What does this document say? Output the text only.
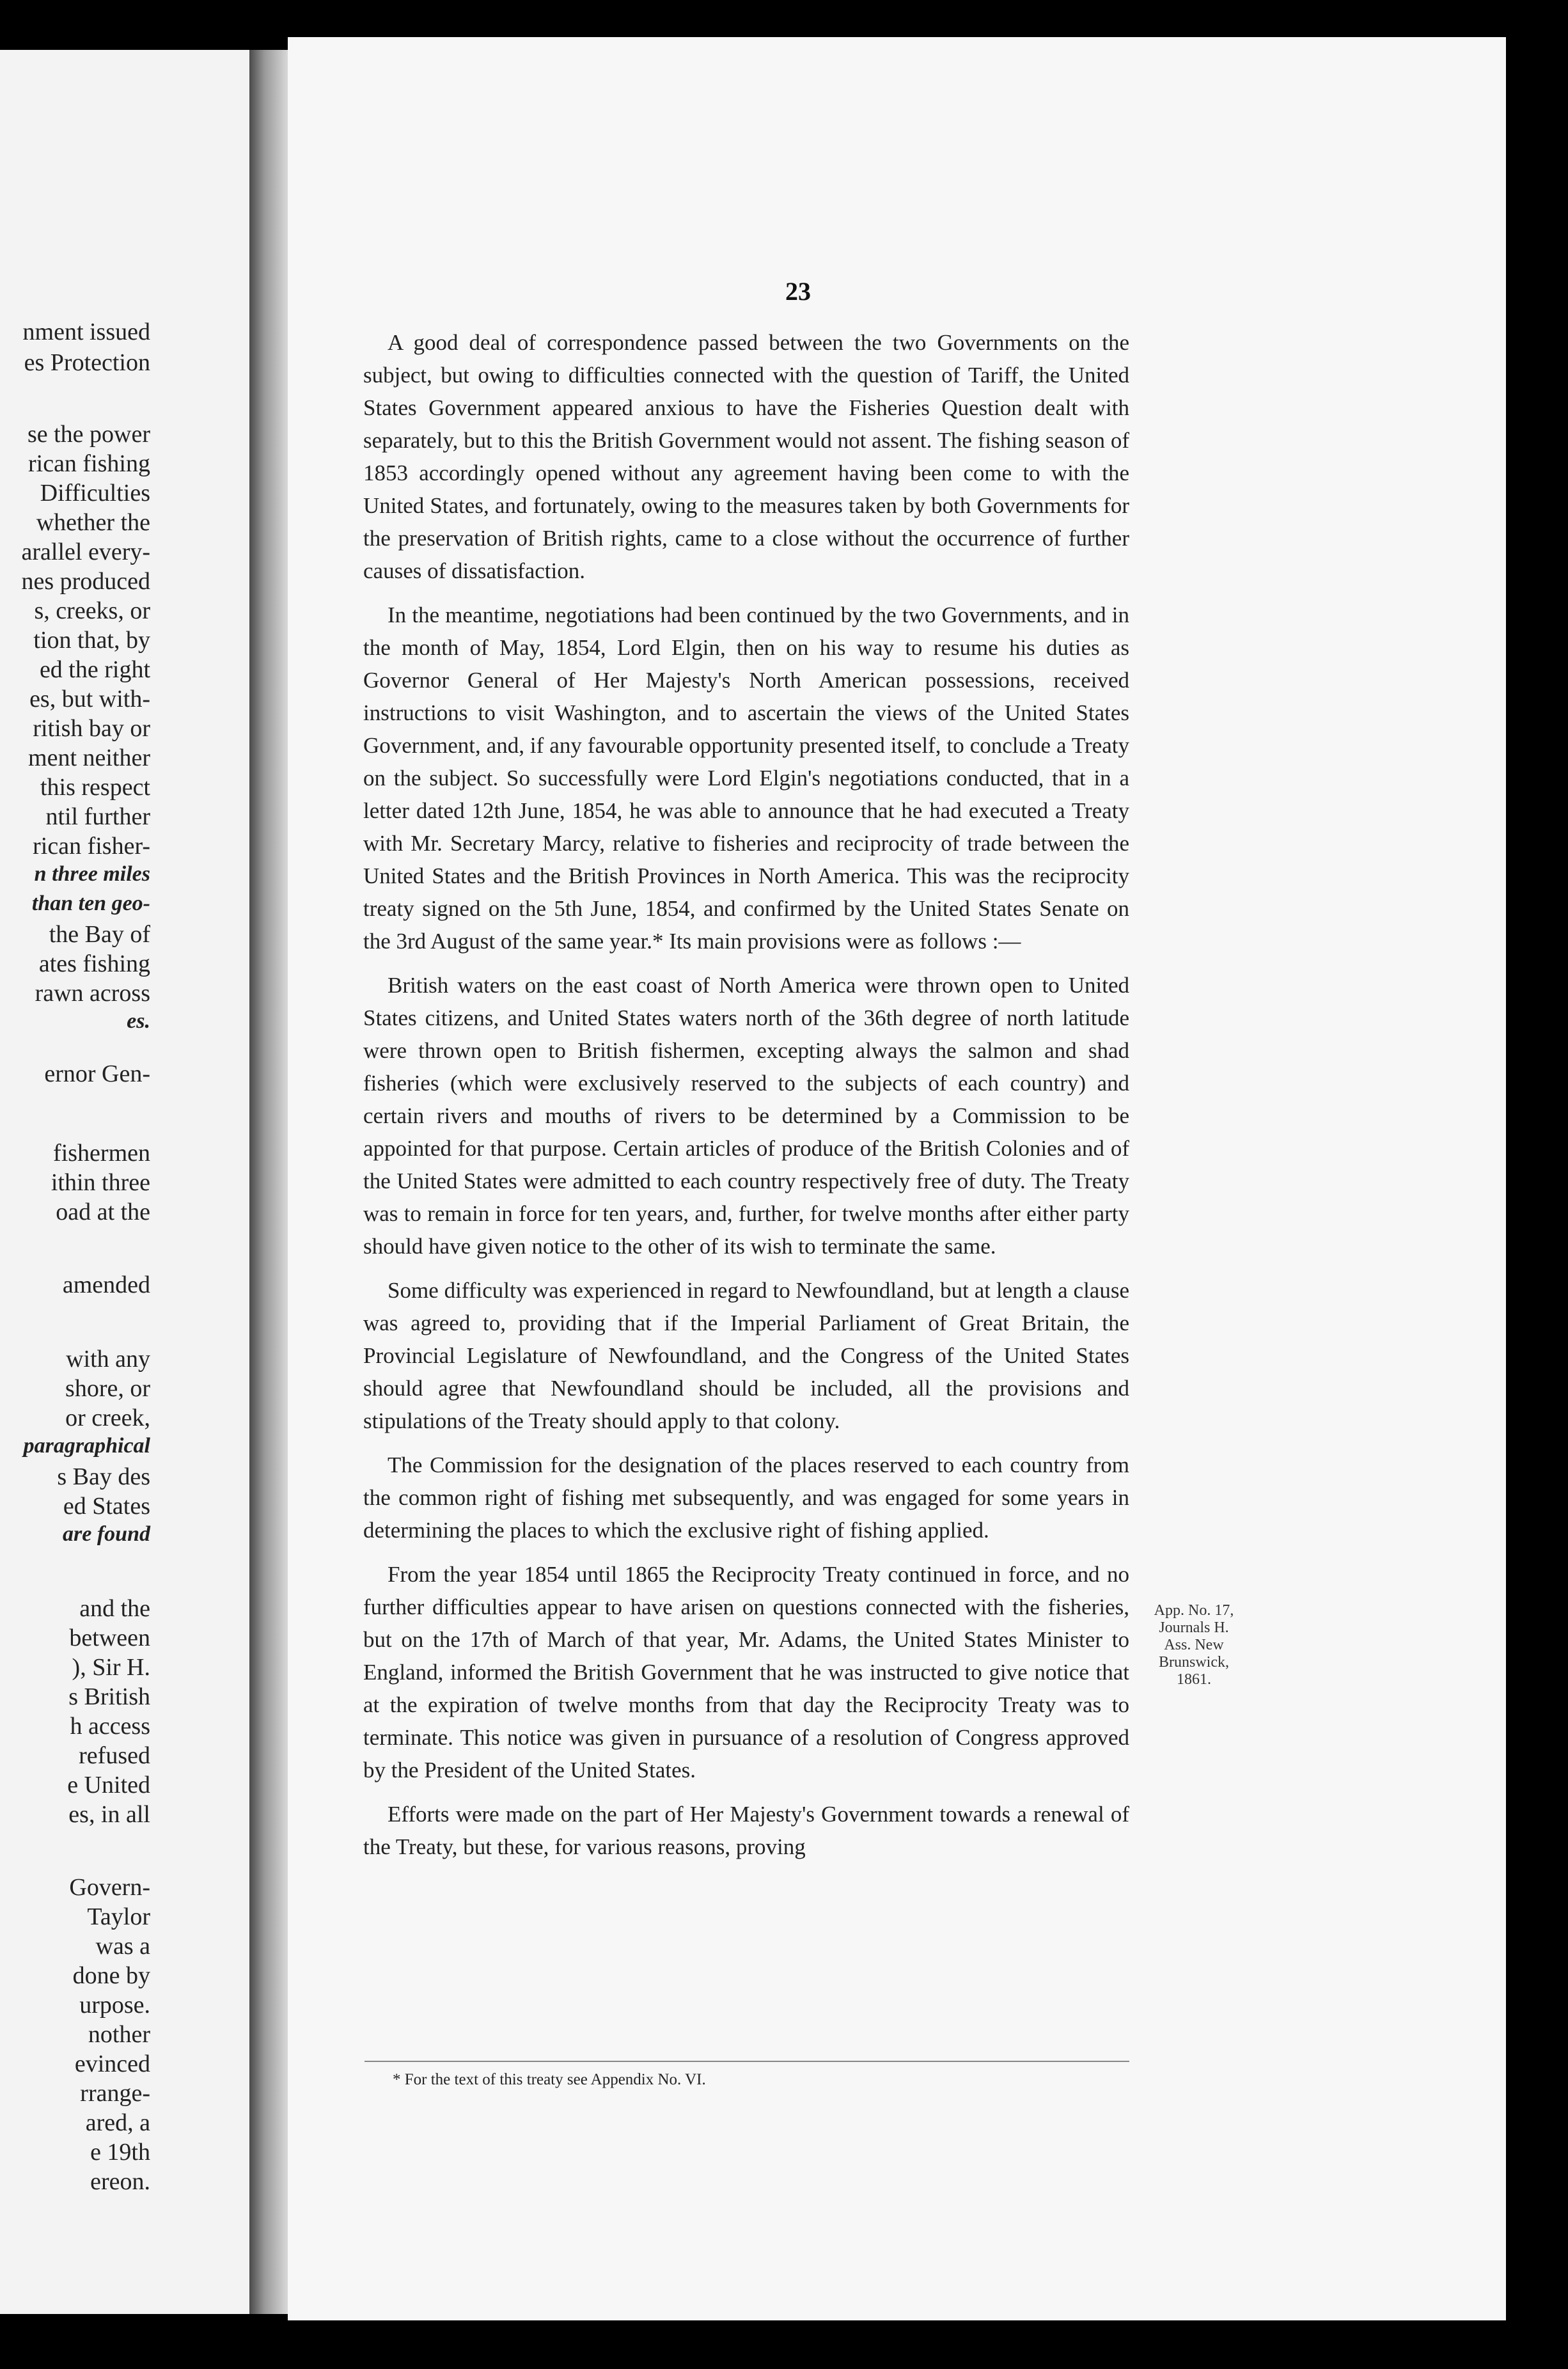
nment issued
es Protection
se the power
rican fishing
Difficulties
whether the
arallel every-
nes produced
s, creeks, or
tion that, by
ed the right
es, but with-
ritish bay or
ment neither
this respect
ntil further
rican fisher-
n three miles
than ten geo-
the Bay of
ates fishing
rawn across
es.
ernor Gen-
fishermen
ithin three
oad at the
amended
with any
shore, or
or creek,
paragraphical
s Bay des
ed States
are found
and the
between
), Sir H.
s British
h access
refused
e United
es, in all
Govern-
Taylor
was a
done by
urpose.
nother
evinced
rrange-
ared, a
e 19th
ereon.
23

A good deal of correspondence passed between the two Governments on the subject, but owing to difficulties connected with the question of Tariff, the United States Government appeared anxious to have the Fisheries Question dealt with separately, but to this the British Government would not assent. The fishing season of 1853 accordingly opened without any agreement having been come to with the United States, and fortunately, owing to the measures taken by both Governments for the preservation of British rights, came to a close without the occurrence of further causes of dissatisfaction.

In the meantime, negotiations had been continued by the two Governments, and in the month of May, 1854, Lord Elgin, then on his way to resume his duties as Governor General of Her Majesty's North American possessions, received instructions to visit Washington, and to ascertain the views of the United States Government, and, if any favourable opportunity presented itself, to conclude a Treaty on the subject. So successfully were Lord Elgin's negotiations conducted, that in a letter dated 12th June, 1854, he was able to announce that he had executed a Treaty with Mr. Secretary Marcy, relative to fisheries and reciprocity of trade between the United States and the British Provinces in North America. This was the reciprocity treaty signed on the 5th June, 1854, and confirmed by the United States Senate on the 3rd August of the same year.* Its main provisions were as follows :—

British waters on the east coast of North America were thrown open to United States citizens, and United States waters north of the 36th degree of north latitude were thrown open to British fishermen, excepting always the salmon and shad fisheries (which were exclusively reserved to the subjects of each country) and certain rivers and mouths of rivers to be determined by a Commission to be appointed for that purpose. Certain articles of produce of the British Colonies and of the United States were admitted to each country respectively free of duty. The Treaty was to remain in force for ten years, and, further, for twelve months after either party should have given notice to the other of its wish to terminate the same.

Some difficulty was experienced in regard to Newfoundland, but at length a clause was agreed to, providing that if the Imperial Parliament of Great Britain, the Provincial Legislature of Newfoundland, and the Congress of the United States should agree that Newfoundland should be included, all the provisions and stipulations of the Treaty should apply to that colony.

The Commission for the designation of the places reserved to each country from the common right of fishing met subsequently, and was engaged for some years in determining the places to which the exclusive right of fishing applied.

From the year 1854 until 1865 the Reciprocity Treaty continued in force, and no further difficulties appear to have arisen on questions connected with the fisheries, but on the 17th of March of that year, Mr. Adams, the United States Minister to England, informed the British Government that he was instructed to give notice that at the expiration of twelve months from that day the Reciprocity Treaty was to terminate. This notice was given in pursuance of a resolution of Congress approved by the President of the United States.

Efforts were made on the part of Her Majesty's Government towards a renewal of the Treaty, but these, for various reasons, proving

App. No. 17,
Journals H.
Ass. New
Brunswick,
1861.
* For the text of this treaty see Appendix No. VI.
